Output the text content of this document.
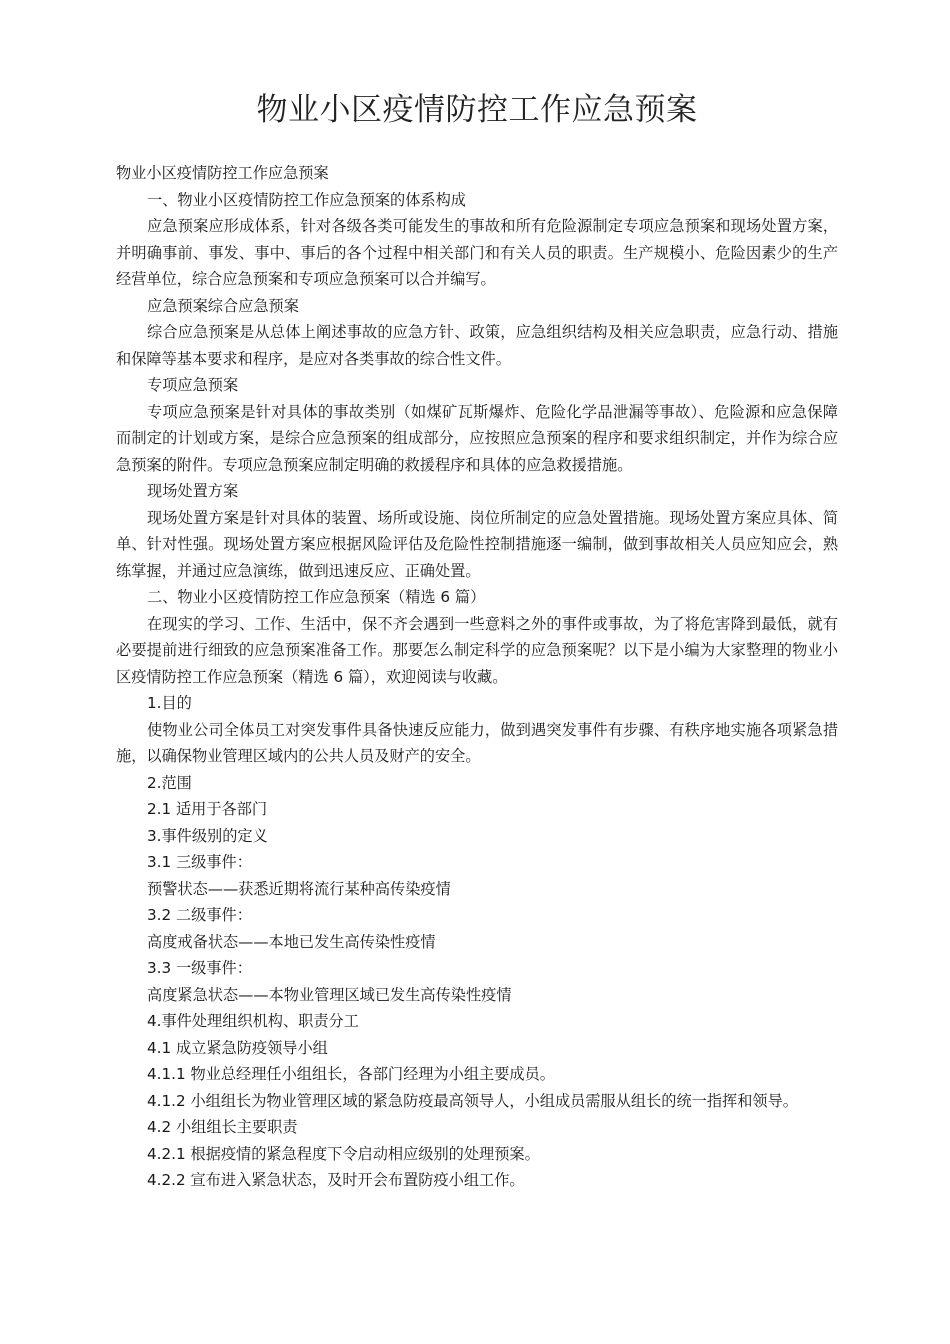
物业小区疫情防控工作应急预案

物业小区疫情防控工作应急预案

一、物业小区疫情防控工作应急预案的体系构成

应急预案应形成体系，针对各级各类可能发生的事故和所有危险源制定专项应急预案和现场处置方案，并明确事前、事发、事中、事后的各个过程中相关部门和有关人员的职责。生产规模小、危险因素少的生产经营单位，综合应急预案和专项应急预案可以合并编写。

应急预案综合应急预案

综合应急预案是从总体上阐述事故的应急方针、政策，应急组织结构及相关应急职责，应急行动、措施和保障等基本要求和程序，是应对各类事故的综合性文件。

专项应急预案

专项应急预案是针对具体的事故类别（如煤矿瓦斯爆炸、危险化学品泄漏等事故）、危险源和应急保障而制定的计划或方案，是综合应急预案的组成部分，应按照应急预案的程序和要求组织制定，并作为综合应急预案的附件。专项应急预案应制定明确的救援程序和具体的应急救援措施。

现场处置方案

现场处置方案是针对具体的装置、场所或设施、岗位所制定的应急处置措施。现场处置方案应具体、简单、针对性强。现场处置方案应根据风险评估及危险性控制措施逐一编制，做到事故相关人员应知应会，熟练掌握，并通过应急演练，做到迅速反应、正确处置。

二、物业小区疫情防控工作应急预案（精选 6 篇）

在现实的学习、工作、生活中，保不齐会遇到一些意料之外的事件或事故，为了将危害降到最低，就有必要提前进行细致的应急预案准备工作。那要怎么制定科学的应急预案呢？以下是小编为大家整理的物业小区疫情防控工作应急预案（精选 6 篇），欢迎阅读与收藏。

1.目的

使物业公司全体员工对突发事件具备快速反应能力，做到遇突发事件有步骤、有秩序地实施各项紧急措施，以确保物业管理区域内的公共人员及财产的安全。

2.范围

2.1 适用于各部门

3.事件级别的定义

3.1 三级事件：

预警状态——获悉近期将流行某种高传染疫情

3.2 二级事件：

高度戒备状态——本地已发生高传染性疫情

3.3 一级事件：

高度紧急状态——本物业管理区域已发生高传染性疫情

4.事件处理组织机构、职责分工

4.1 成立紧急防疫领导小组

4.1.1 物业总经理任小组组长，各部门经理为小组主要成员。

4.1.2 小组组长为物业管理区域的紧急防疫最高领导人，小组成员需服从组长的统一指挥和领导。

4.2 小组组长主要职责

4.2.1 根据疫情的紧急程度下令启动相应级别的处理预案。

4.2.2 宣布进入紧急状态，及时开会布置防疫小组工作。
